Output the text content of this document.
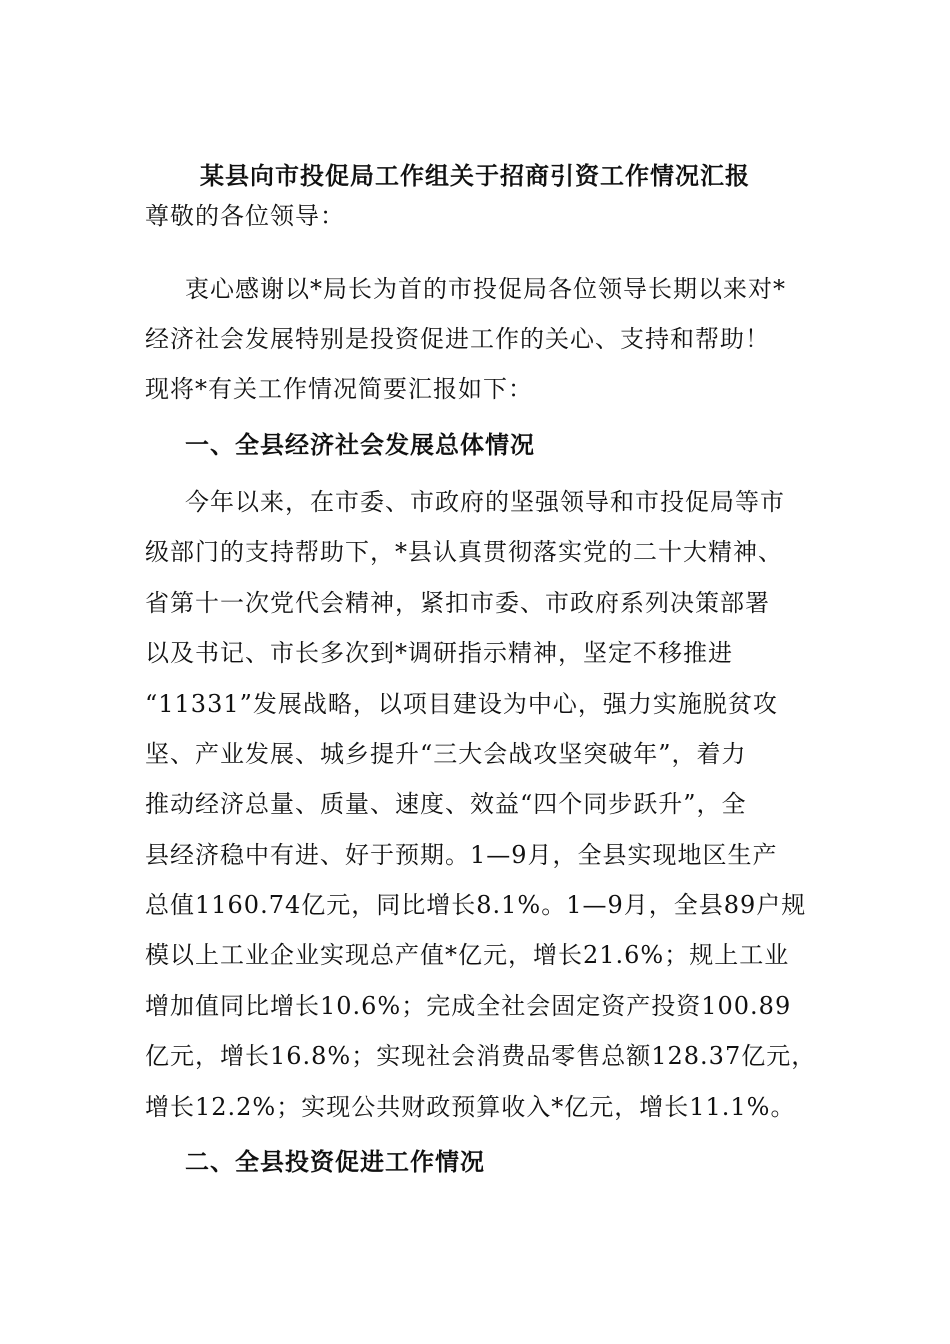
某县向市投促局工作组关于招商引资工作情况汇报
尊敬的各位领导：
衷心感谢以*局长为首的市投促局各位领导长期以来对*
经济社会发展特别是投资促进工作的关心、支持和帮助！
现将*有关工作情况简要汇报如下：
一、全县经济社会发展总体情况
今年以来，在市委、市政府的坚强领导和市投促局等市
级部门的支持帮助下，*县认真贯彻落实党的二十大精神、
省第十一次党代会精神，紧扣市委、市政府系列决策部署
以及书记、市长多次到*调研指示精神，坚定不移推进
“11331”发展战略，以项目建设为中心，强力实施脱贫攻
坚、产业发展、城乡提升“三大会战攻坚突破年”，着力
推动经济总量、质量、速度、效益“四个同步跃升”，全
县经济稳中有进、好于预期。1—9月，全县实现地区生产
总值1160.74亿元，同比增长8.1%。1—9月，全县89户规
模以上工业企业实现总产值*亿元，增长21.6%；规上工业
增加值同比增长10.6%；完成全社会固定资产投资100.89
亿元，增长16.8%；实现社会消费品零售总额128.37亿元，
增长12.2%；实现公共财政预算收入*亿元，增长11.1%。
二、全县投资促进工作情况
